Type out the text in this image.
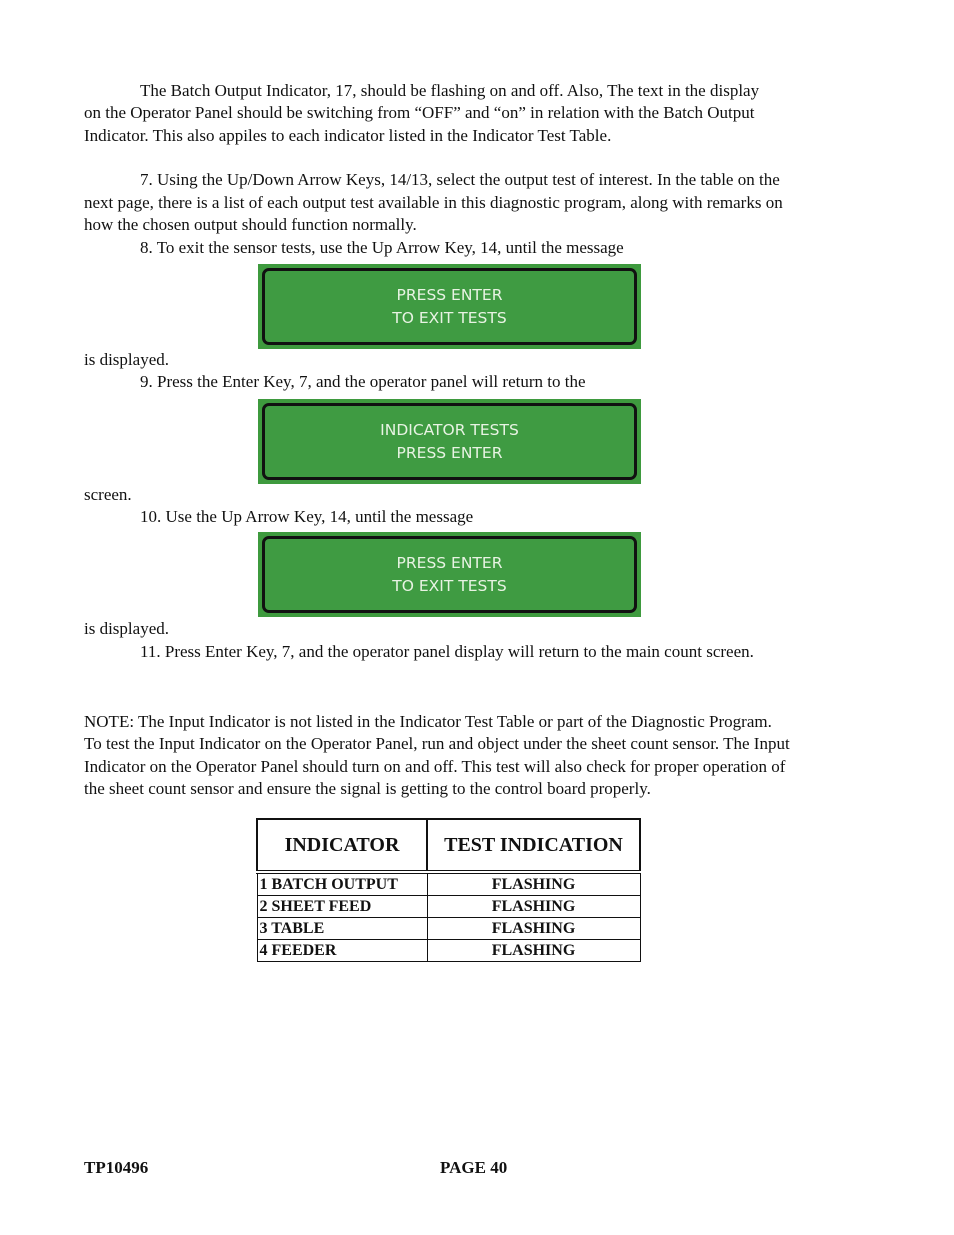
The Batch Output Indicator, 17, should be flashing on and off. Also, The text in the display
on the Operator Panel should be switching from “OFF” and “on” in relation with the Batch Output
Indicator. This also appiles to each indicator listed in the Indicator Test Table.
7. Using the Up/Down Arrow Keys, 14/13, select the output test of interest. In the table on the
next page, there is a list of each output test available in this diagnostic program, along with remarks on
how the chosen output should function normally.
8. To exit the sensor tests, use the Up Arrow Key, 14, until the message
PRESS ENTER
TO EXIT TESTS
is displayed.
9. Press the Enter Key, 7, and the operator panel will return to the
INDICATOR TESTS
PRESS ENTER
screen.
10. Use the Up Arrow Key, 14, until the message
PRESS ENTER
TO EXIT TESTS
is displayed.
11. Press Enter Key, 7, and the operator panel display will return to the main count screen.
NOTE: The Input Indicator is not listed in the Indicator Test Table or part of the Diagnostic Program.
To test the Input Indicator on the Operator Panel, run and object under the sheet count sensor. The Input
Indicator on the Operator Panel should turn on and off. This test will also check for proper operation of
the sheet count sensor and ensure the signal is getting to the control board properly.
INDICATOR	TEST INDICATION
1 BATCH OUTPUT	FLASHING
2 SHEET FEED	FLASHING
3 TABLE	FLASHING
4 FEEDER	FLASHING
TP10496	PAGE 40
